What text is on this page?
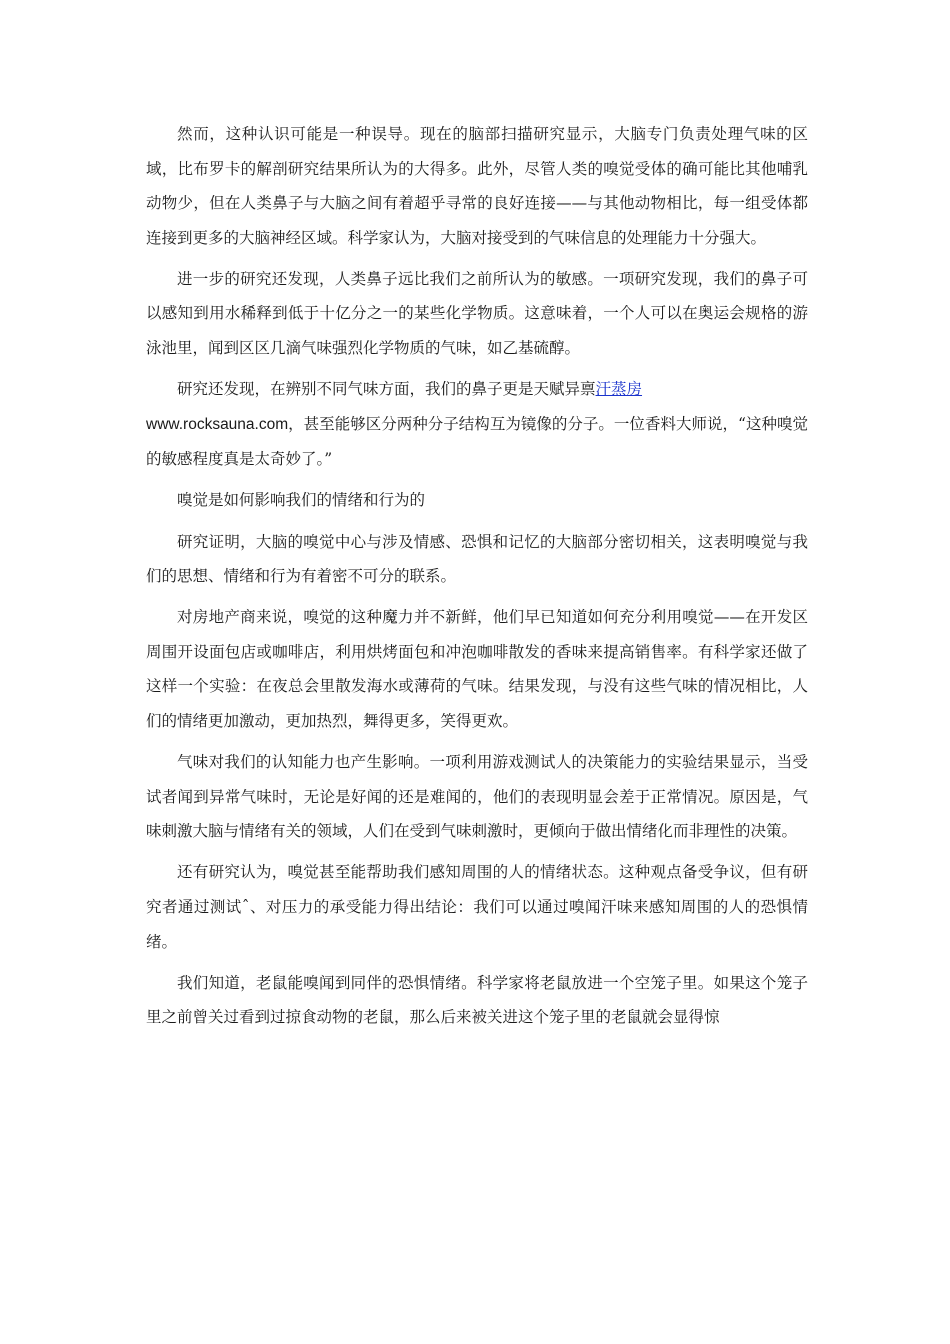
然而，这种认识可能是一种误导。现在的脑部扫描研究显示，大脑专门负责处理气味的区域，比布罗卡的解剖研究结果所认为的大得多。此外，尽管人类的嗅觉受体的确可能比其他哺乳动物少，但在人类鼻子与大脑之间有着超乎寻常的良好连接——与其他动物相比，每一组受体都连接到更多的大脑神经区域。科学家认为，大脑对接受到的气味信息的处理能力十分强大。

进一步的研究还发现，人类鼻子远比我们之前所认为的敏感。一项研究发现，我们的鼻子可以感知到用水稀释到低于十亿分之一的某些化学物质。这意味着，一个人可以在奥运会规格的游泳池里，闻到区区几滴气味强烈化学物质的气味，如乙基硫醇。

研究还发现，在辨别不同气味方面，我们的鼻子更是天赋异禀汗蒸房
www.rocksauna.com，甚至能够区分两种分子结构互为镜像的分子。一位香料大师说，“这种嗅觉的敏感程度真是太奇妙了。”

嗅觉是如何影响我们的情绪和行为的

研究证明，大脑的嗅觉中心与涉及情感、恐惧和记忆的大脑部分密切相关，这表明嗅觉与我们的思想、情绪和行为有着密不可分的联系。

对房地产商来说，嗅觉的这种魔力并不新鲜，他们早已知道如何充分利用嗅觉——在开发区周围开设面包店或咖啡店，利用烘烤面包和冲泡咖啡散发的香味来提高销售率。有科学家还做了这样一个实验：在夜总会里散发海水或薄荷的气味。结果发现，与没有这些气味的情况相比，人们的情绪更加激动，更加热烈，舞得更多，笑得更欢。

气味对我们的认知能力也产生影响。一项利用游戏测试人的决策能力的实验结果显示，当受试者闻到异常气味时，无论是好闻的还是难闻的，他们的表现明显会差于正常情况。原因是，气味刺激大脑与情绪有关的领域，人们在受到气味刺激时，更倾向于做出情绪化而非理性的决策。

还有研究认为，嗅觉甚至能帮助我们感知周围的人的情绪状态。这种观点备受争议，但有研究者通过测试ˆ、对压力的承受能力得出结论：我们可以通过嗅闻汗味来感知周围的人的恐惧情绪。

我们知道，老鼠能嗅闻到同伴的恐惧情绪。科学家将老鼠放进一个空笼子里。如果这个笼子里之前曾关过看到过掠食动物的老鼠，那么后来被关进这个笼子里的老鼠就会显得惊
